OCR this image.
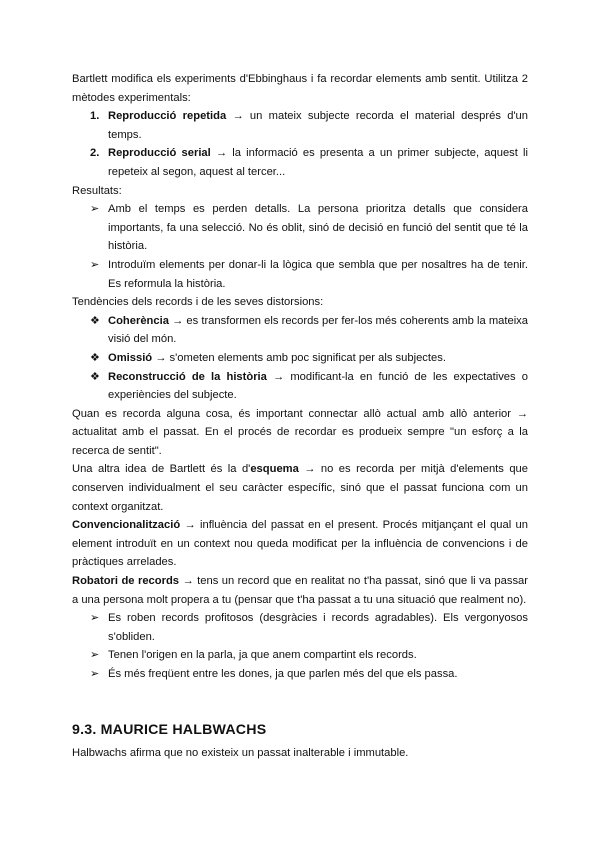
Bartlett modifica els experiments d'Ebbinghaus i fa recordar elements amb sentit. Utilitza 2 mètodes experimentals:

1. Reproducció repetida → un mateix subjecte recorda el material després d'un temps.

2. Reproducció serial → la informació es presenta a un primer subjecte, aquest li repeteix al segon, aquest al tercer...

Resultats:

➢ Amb el temps es perden detalls. La persona prioritza detalls que considera importants, fa una selecció. No és oblit, sinó de decisió en funció del sentit que té la història.

➢ Introduïm elements per donar-li la lògica que sembla que per nosaltres ha de tenir. Es reformula la història.

Tendències dels records i de les seves distorsions:

❖ Coherència → es transformen els records per fer-los més coherents amb la mateixa visió del món.

❖ Omissió → s'ometen elements amb poc significat per als subjectes.

❖ Reconstrucció de la història → modificant-la en funció de les expectatives o experiències del subjecte.

Quan es recorda alguna cosa, és important connectar allò actual amb allò anterior → actualitat amb el passat. En el procés de recordar es produeix sempre "un esforç a la recerca de sentit".

Una altra idea de Bartlett és la d'esquema → no es recorda per mitjà d'elements que conserven individualment el seu caràcter específic, sinó que el passat funciona com un context organitzat.

Convencionalització → influència del passat en el present. Procés mitjançant el qual un element introduït en un context nou queda modificat per la influència de convencions i de pràctiques arrelades.

Robatori de records → tens un record que en realitat no t'ha passat, sinó que li va passar a una persona molt propera a tu (pensar que t'ha passat a tu una situació que realment no).

➢ Es roben records profitosos (desgràcies i records agradables). Els vergonyosos s'obliden.

➢ Tenen l'origen en la parla, ja que anem compartint els records.

➢ És més freqüent entre les dones, ja que parlen més del que els passa.

9.3. MAURICE HALBWACHS

Halbwachs afirma que no existeix un passat inalterable i immutable.
